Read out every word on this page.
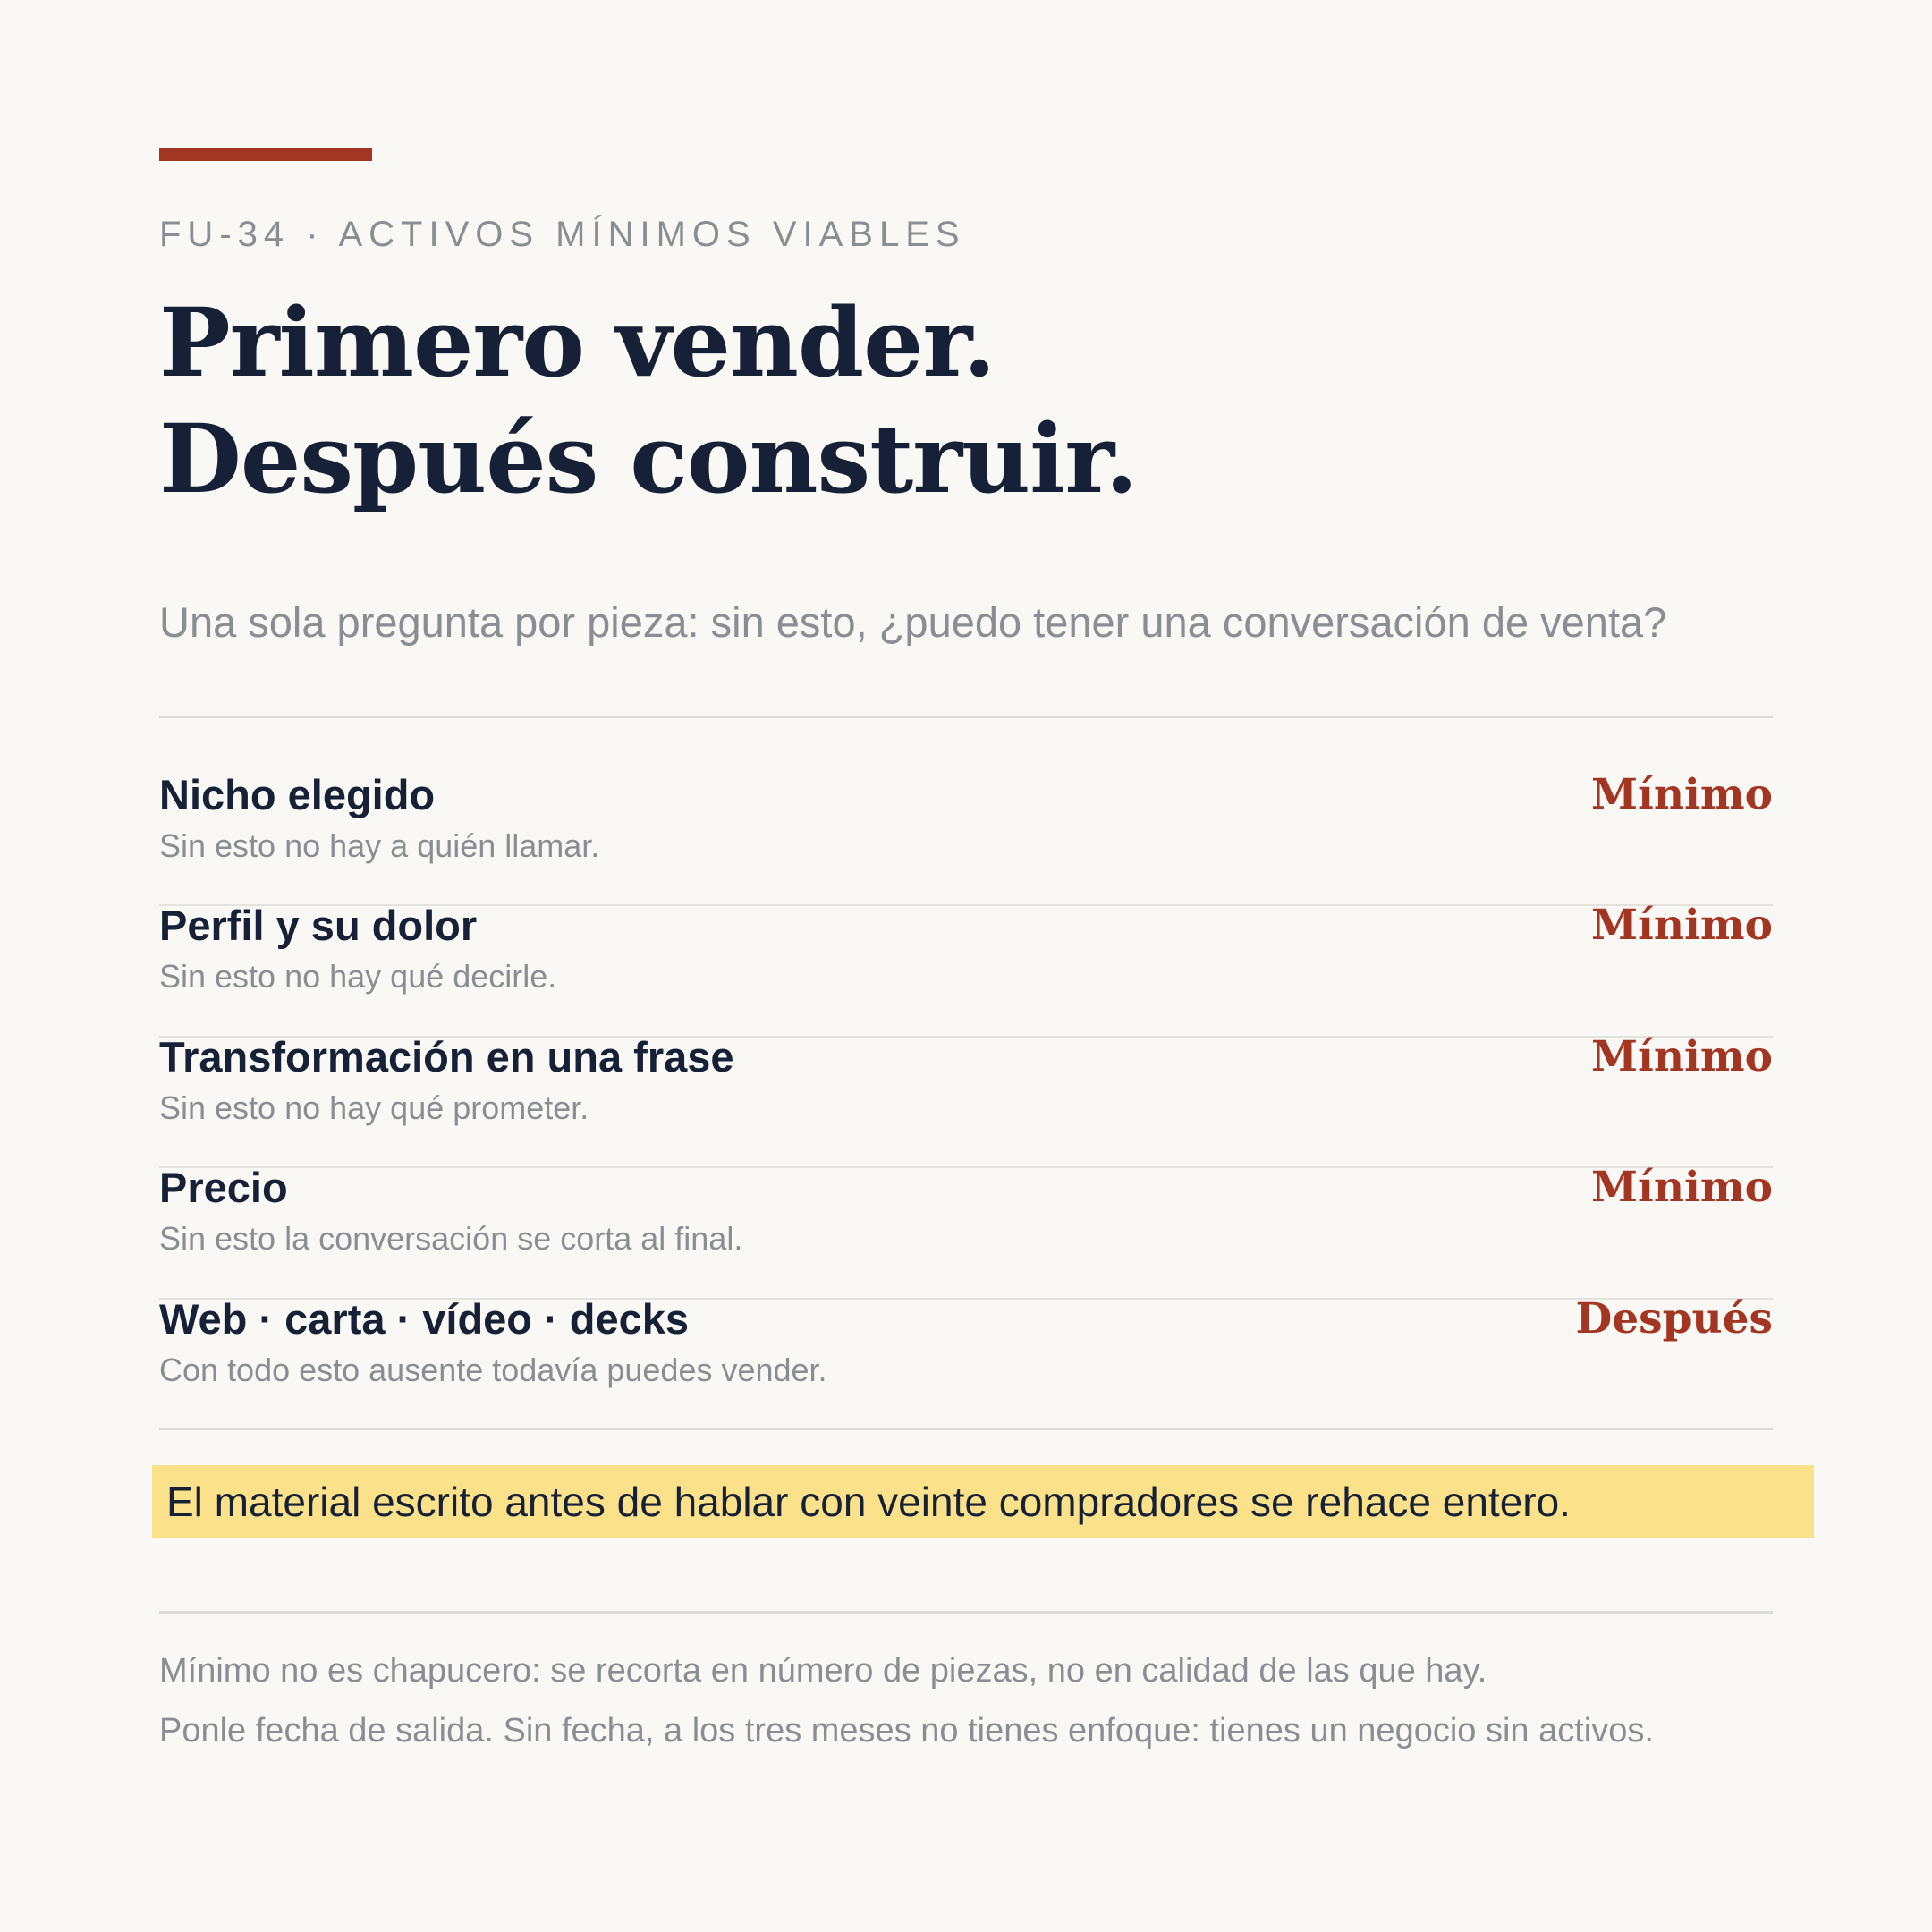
FU-34 · ACTIVOS MÍNIMOS VIABLES
Primero vender.
Después construir.
Una sola pregunta por pieza: sin esto, ¿puedo tener una conversación de venta?
Nicho elegido
Sin esto no hay a quién llamar.
Mínimo
Perfil y su dolor
Sin esto no hay qué decirle.
Mínimo
Transformación en una frase
Sin esto no hay qué prometer.
Mínimo
Precio
Sin esto la conversación se corta al final.
Mínimo
Web · carta · vídeo · decks
Con todo esto ausente todavía puedes vender.
Después
El material escrito antes de hablar con veinte compradores se rehace entero.
Mínimo no es chapucero: se recorta en número de piezas, no en calidad de las que hay.
Ponle fecha de salida. Sin fecha, a los tres meses no tienes enfoque: tienes un negocio sin activos.
